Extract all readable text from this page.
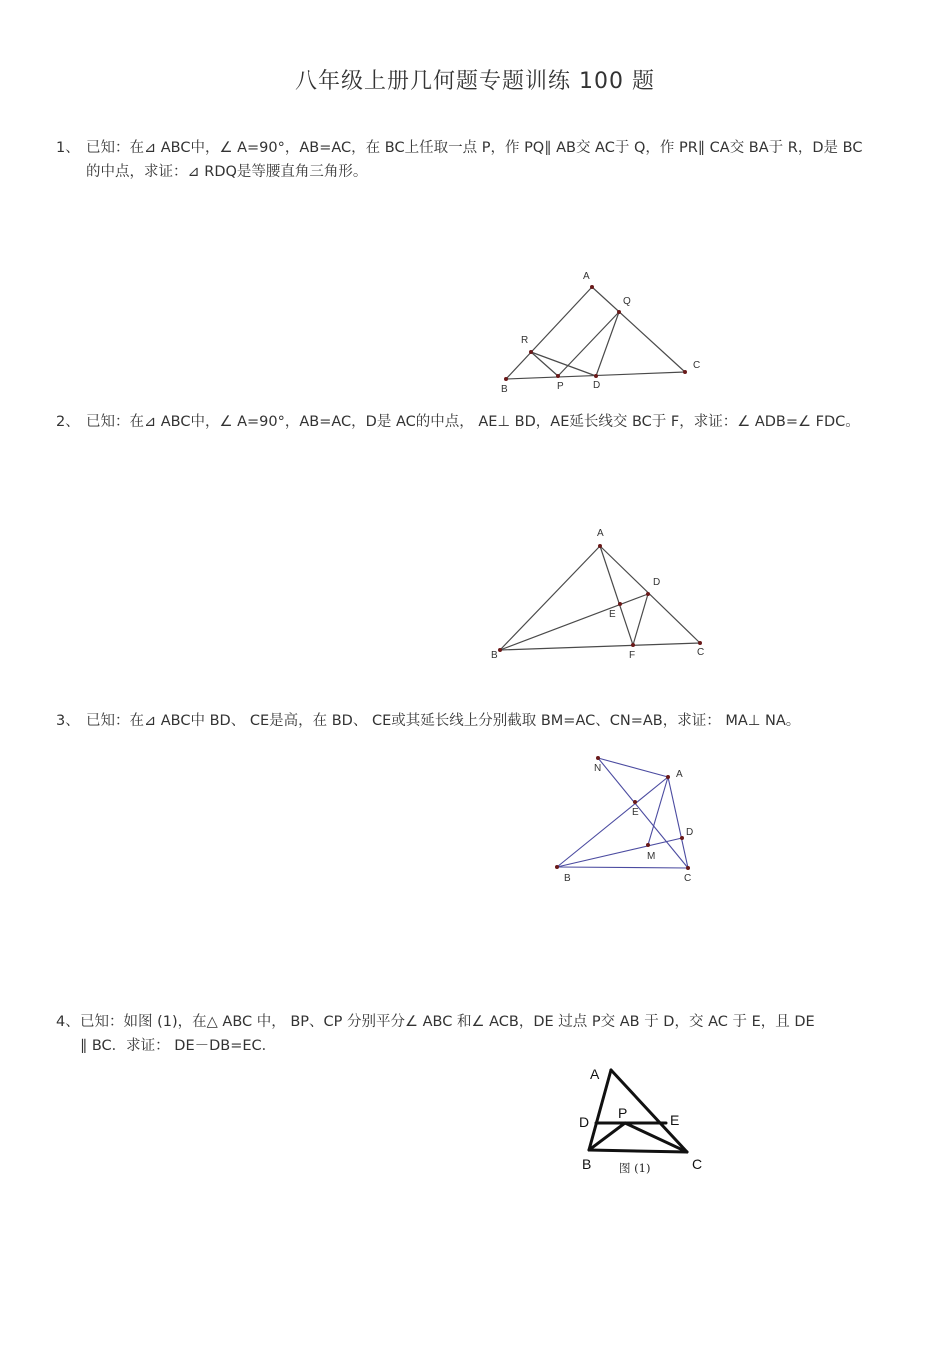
八年级上册几何题专题训练 100 题
1、 已知：在⊿ ABC中，∠ A=90°，AB=AC，在 BC上任取一点 P，作 PQ∥ AB交 AC于 Q，作 PR∥ CA交 BA于 R，D是 BC
的中点，求证：⊿ RDQ是等腰直角三角形。
A
Q
R
B	P	D
C
2、 已知：在⊿ ABC中，∠ A=90°，AB=AC，D是 AC的中点， AE⊥ BD，AE延长线交 BC于 F，求证：∠ ADB=∠ FDC。
A
D
E
B	F	C
3、 已知：在⊿ ABC中 BD、 CE是高，在 BD、 CE或其延长线上分别截取 BM=AC、CN=AB，求证： MA⊥ NA。
N
A
E
D
M
B	C
4、 已知：如图 (1)，在△ ABC 中， BP、CP 分别平分∠ ABC 和∠ ACB，DE 过点 P交 AB 于 D，交 AC 于 E，且 DE
∥ BC．求证： DE－DB=EC．
A
D
P	E
B	C
图 (1)
